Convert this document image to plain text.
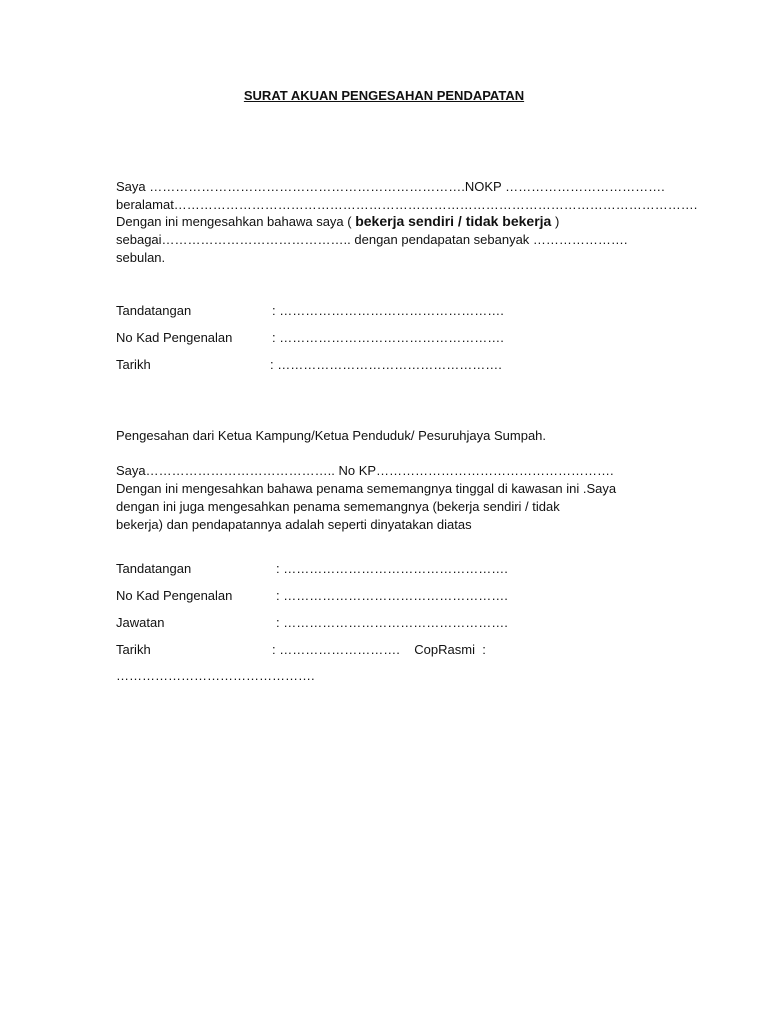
SURAT AKUAN PENGESAHAN PENDAPATAN
Saya ……………………………………………………………….NOKP ……………………………….
beralamat………………………………………………………………………………………………………….
Dengan ini mengesahkan bahawa saya ( bekerja sendiri / tidak bekerja )
sebagai…………………………………….. dengan pendapatan sebanyak ………………….
sebulan.
Tandatangan	: …………………………………………….
No Kad Pengenalan	: …………………………………………….
Tarikh	: …………………………………………….
Pengesahan dari Ketua Kampung/Ketua Penduduk/ Pesuruhjaya Sumpah.
Saya…………………………………….. No KP……………………………………………….
Dengan ini mengesahkan bahawa penama sememangnya tinggal di kawasan ini .Saya
dengan ini juga mengesahkan penama sememangnya (bekerja sendiri / tidak
bekerja) dan pendapatannya adalah seperti dinyatakan diatas
Tandatangan	: …………………………………………….
No Kad Pengenalan	: …………………………………………….
Jawatan	: …………………………………………….
Tarikh	: ……………………….    CopRasmi  :
……………………………………….
